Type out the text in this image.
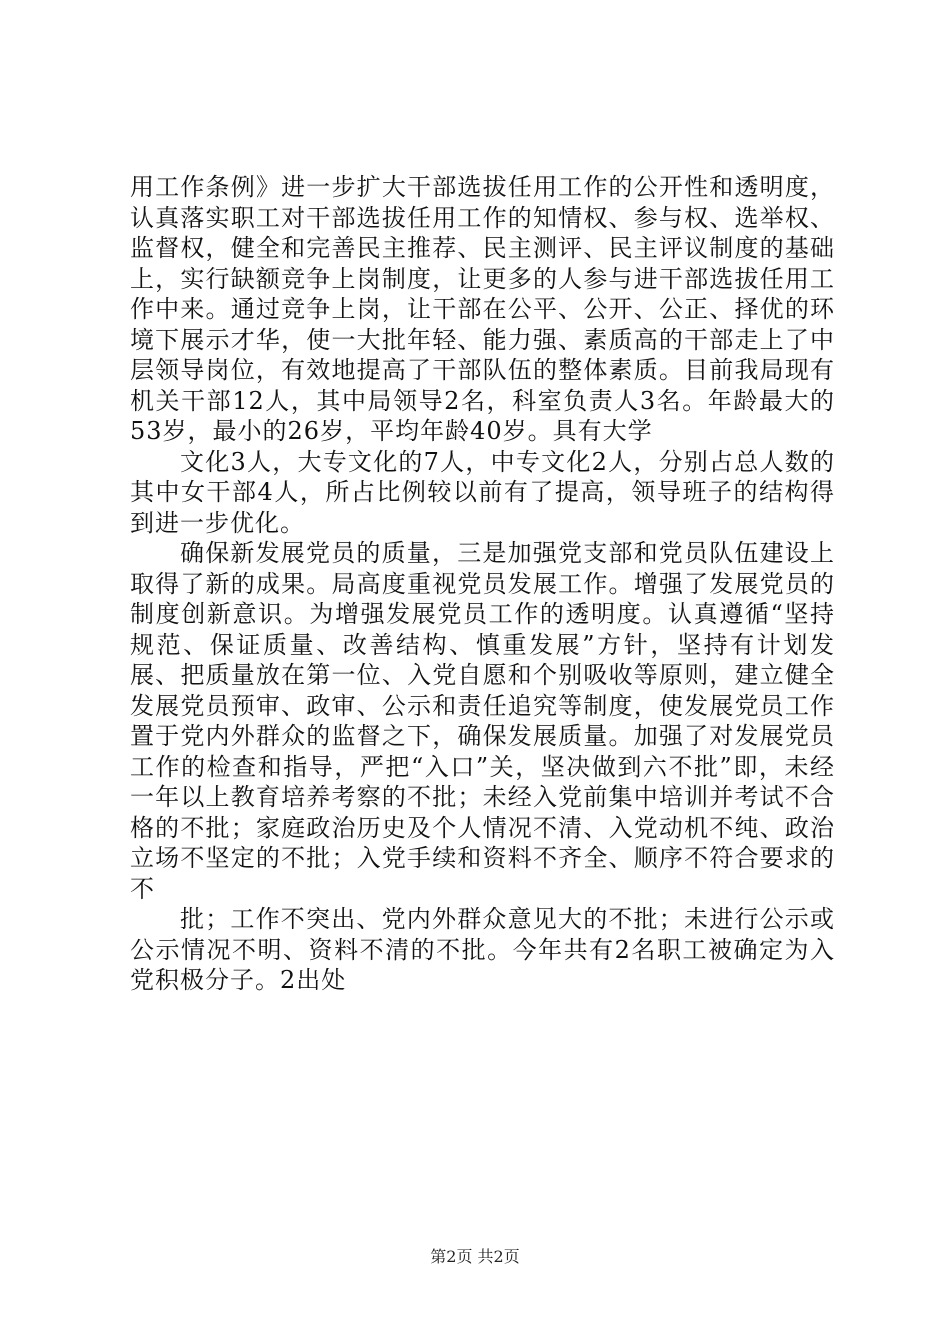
用工作条例》进一步扩大干部选拔任用工作的公开性和透明度，认真落实职工对干部选拔任用工作的知情权、参与权、选举权、监督权，健全和完善民主推荐、民主测评、民主评议制度的基础上，实行缺额竞争上岗制度，让更多的人参与进干部选拔任用工作中来。通过竞争上岗，让干部在公平、公开、公正、择优的环境下展示才华，使一大批年轻、能力强、素质高的干部走上了中层领导岗位，有效地提高了干部队伍的整体素质。目前我局现有机关干部12人，其中局领导2名，科室负责人3名。年龄最大的53岁，最小的26岁，平均年龄40岁。具有大学

文化3人，大专文化的7人，中专文化2人，分别占总人数的其中女干部4人，所占比例较以前有了提高，领导班子的结构得到进一步优化。

确保新发展党员的质量，三是加强党支部和党员队伍建设上取得了新的成果。局高度重视党员发展工作。增强了发展党员的制度创新意识。为增强发展党员工作的透明度。认真遵循“坚持规范、保证质量、改善结构、慎重发展”方针，坚持有计划发展、把质量放在第一位、入党自愿和个别吸收等原则，建立健全发展党员预审、政审、公示和责任追究等制度，使发展党员工作置于党内外群众的监督之下，确保发展质量。加强了对发展党员工作的检查和指导，严把“入口”关，坚决做到六不批”即，未经一年以上教育培养考察的不批；未经入党前集中培训并考试不合格的不批；家庭政治历史及个人情况不清、入党动机不纯、政治立场不坚定的不批；入党手续和资料不齐全、顺序不符合要求的不

批；工作不突出、党内外群众意见大的不批；未进行公示或公示情况不明、资料不清的不批。今年共有2名职工被确定为入党积极分子。2出处

第2页 共2页
